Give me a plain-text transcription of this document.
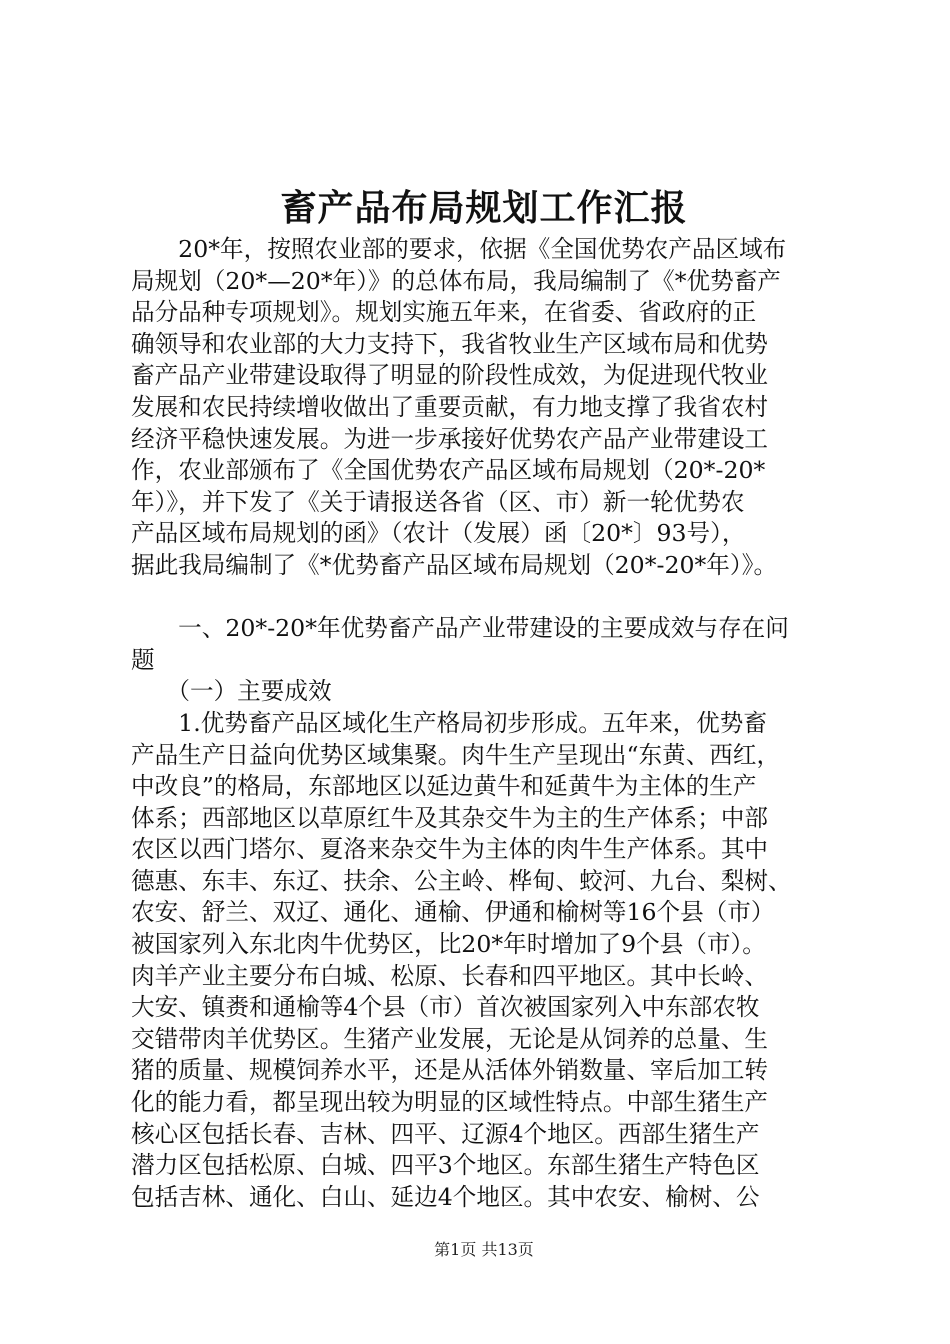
畜产品布局规划工作汇报
　　20*年，按照农业部的要求，依据《全国优势农产品区域布
局规划（20*—20*年）》的总体布局，我局编制了《*优势畜产
品分品种专项规划》。规划实施五年来，在省委、省政府的正
确领导和农业部的大力支持下，我省牧业生产区域布局和优势
畜产品产业带建设取得了明显的阶段性成效，为促进现代牧业
发展和农民持续增收做出了重要贡献，有力地支撑了我省农村
经济平稳快速发展。为进一步承接好优势农产品产业带建设工
作，农业部颁布了《全国优势农产品区域布局规划（20*-20*
年）》，并下发了《关于请报送各省（区、市）新一轮优势农
产品区域布局规划的函》（农计（发展）函〔20*〕93号），
据此我局编制了《*优势畜产品区域布局规划（20*-20*年）》。
　　一、20*-20*年优势畜产品产业带建设的主要成效与存在问
题
　　（一）主要成效
　　1.优势畜产品区域化生产格局初步形成。五年来，优势畜
产品生产日益向优势区域集聚。肉牛生产呈现出“东黄、西红，
中改良”的格局，东部地区以延边黄牛和延黄牛为主体的生产
体系；西部地区以草原红牛及其杂交牛为主的生产体系；中部
农区以西门塔尔、夏洛来杂交牛为主体的肉牛生产体系。其中
德惠、东丰、东辽、扶余、公主岭、桦甸、蛟河、九台、梨树、
农安、舒兰、双辽、通化、通榆、伊通和榆树等16个县（市）
被国家列入东北肉牛优势区，比20*年时增加了9个县（市）。
肉羊产业主要分布白城、松原、长春和四平地区。其中长岭、
大安、镇赉和通榆等4个县（市）首次被国家列入中东部农牧
交错带肉羊优势区。生猪产业发展，无论是从饲养的总量、生
猪的质量、规模饲养水平，还是从活体外销数量、宰后加工转
化的能力看，都呈现出较为明显的区域性特点。中部生猪生产
核心区包括长春、吉林、四平、辽源4个地区。西部生猪生产
潜力区包括松原、白城、四平3个地区。东部生猪生产特色区
包括吉林、通化、白山、延边4个地区。其中农安、榆树、公
第1页 共13页
